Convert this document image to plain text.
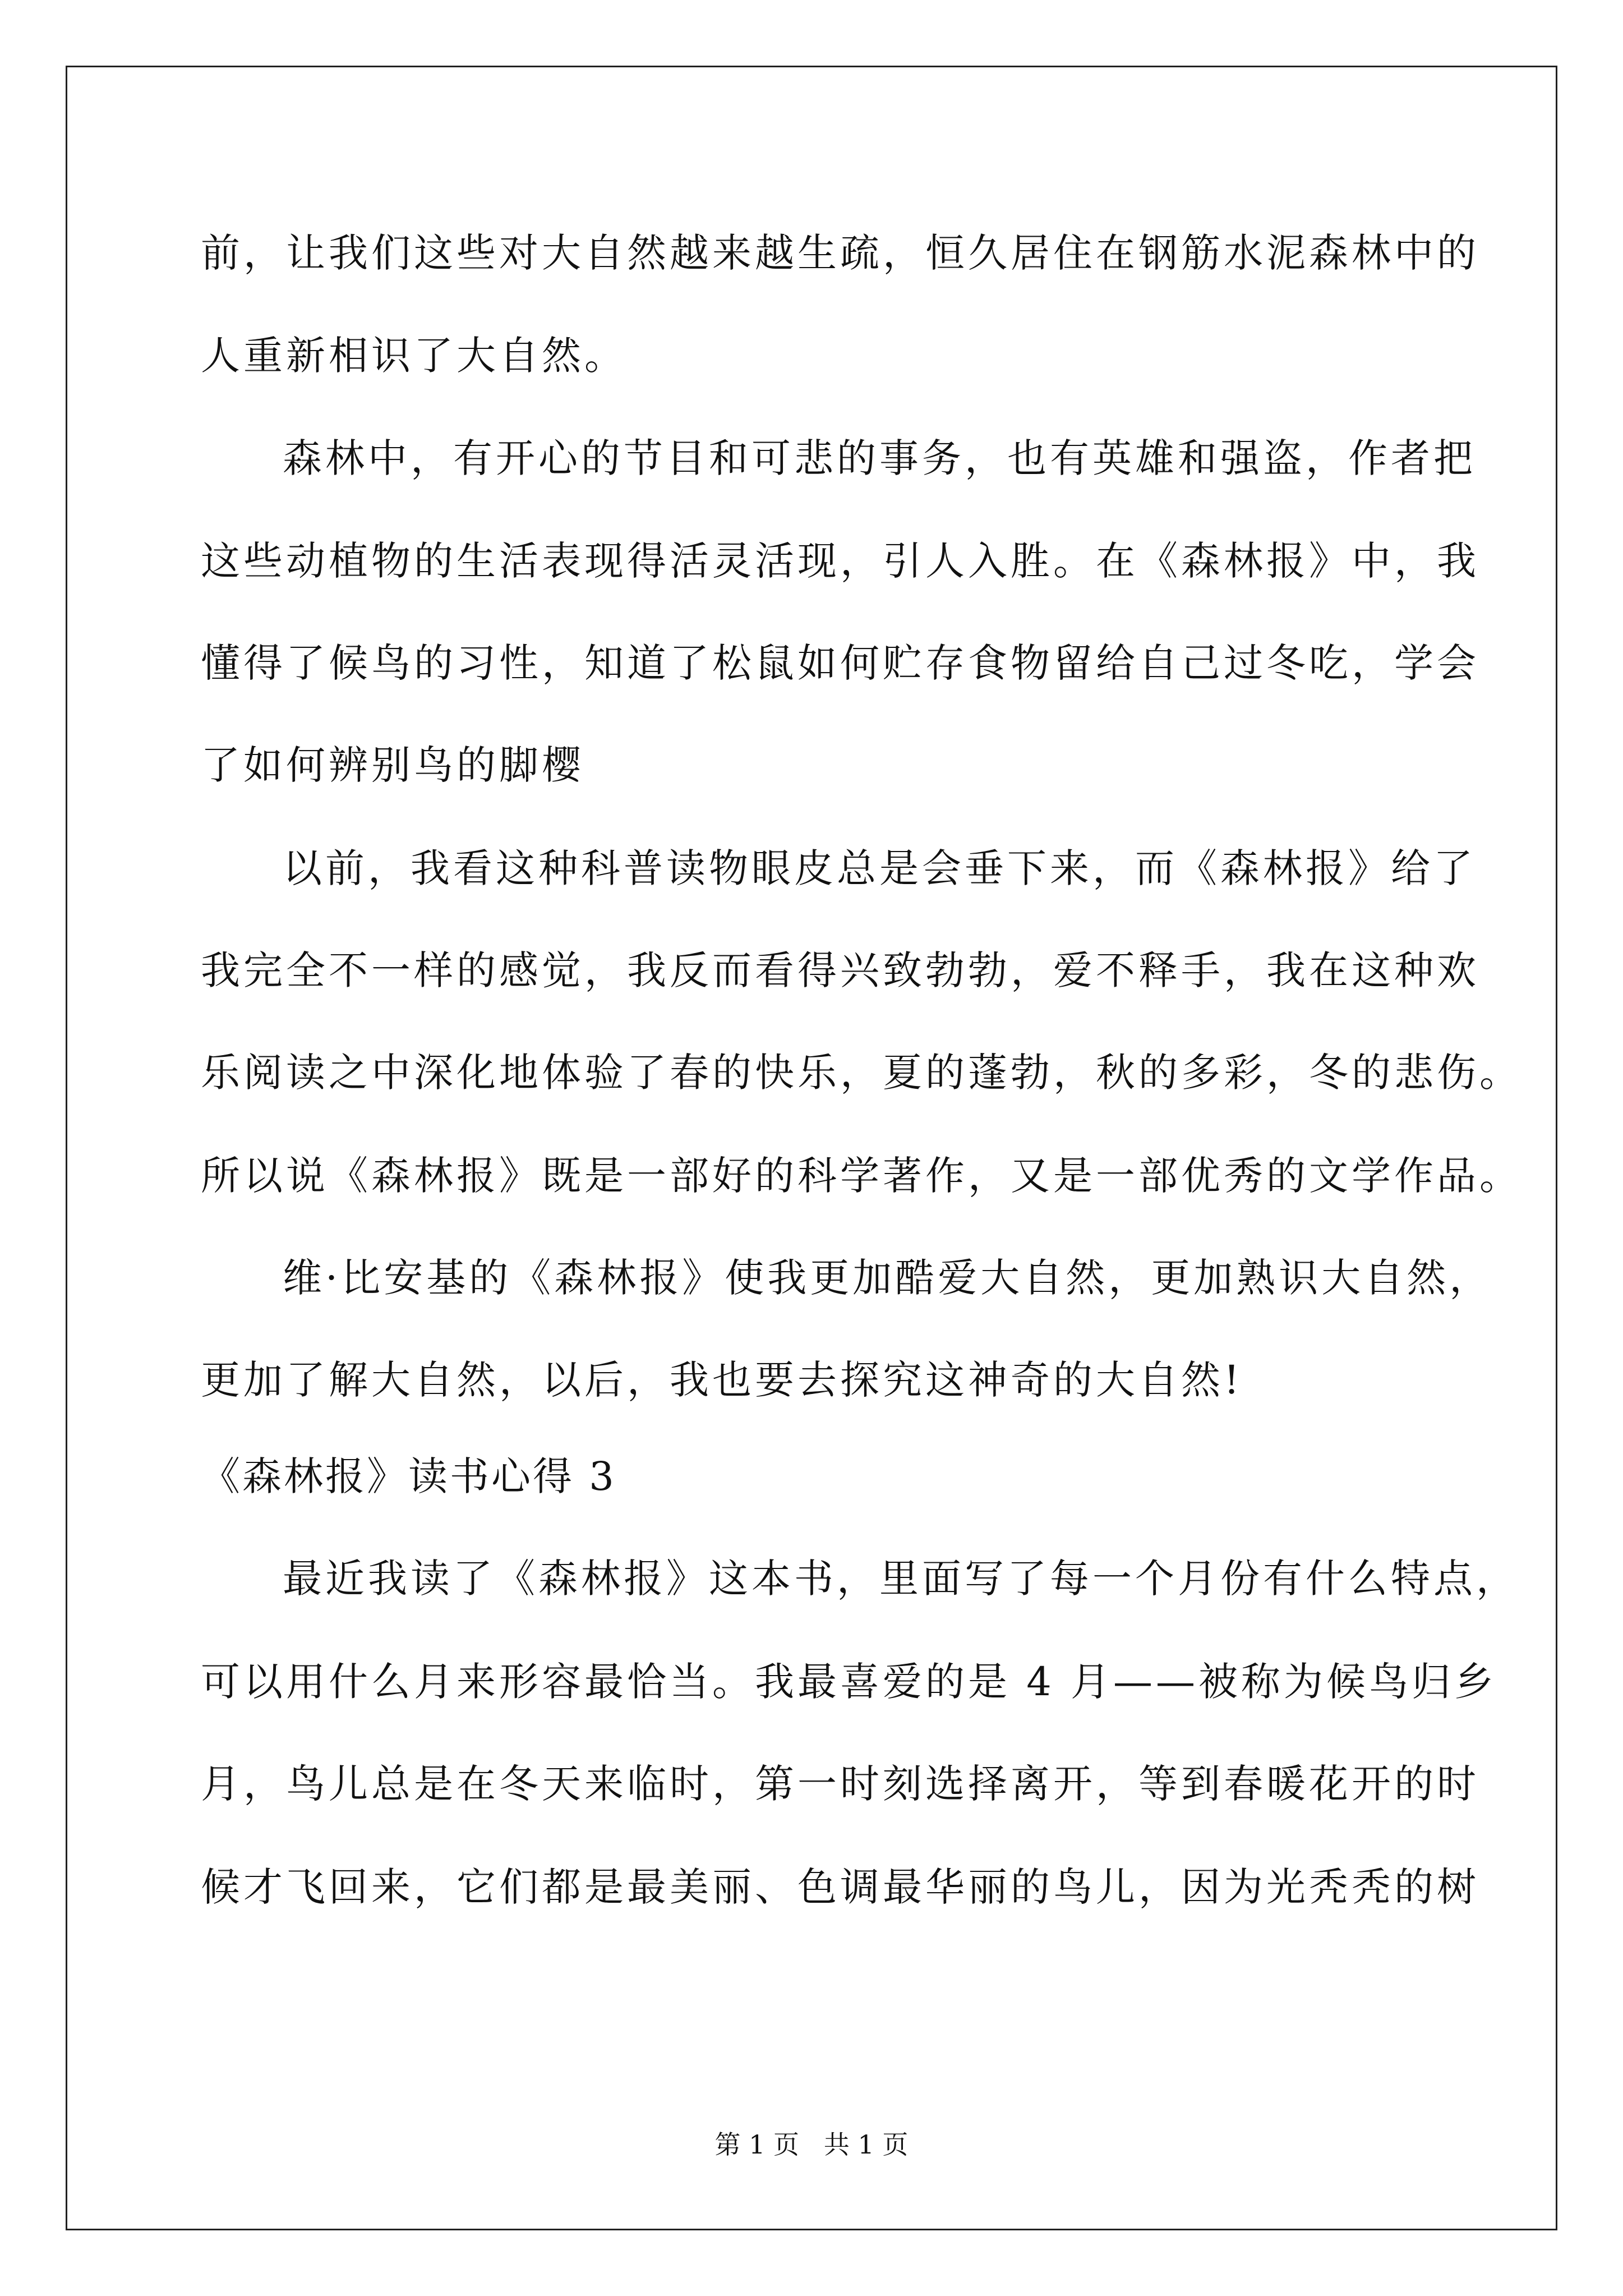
前，让我们这些对大自然越来越生疏，恒久居住在钢筋水泥森林中的
人重新相识了大自然。
森林中，有开心的节目和可悲的事务，也有英雄和强盗，作者把
这些动植物的生活表现得活灵活现，引人入胜。在《森林报》中，我
懂得了候鸟的习性，知道了松鼠如何贮存食物留给自己过冬吃，学会
了如何辨别鸟的脚樱
以前，我看这种科普读物眼皮总是会垂下来，而《森林报》给了
我完全不一样的感觉，我反而看得兴致勃勃，爱不释手，我在这种欢
乐阅读之中深化地体验了春的快乐，夏的蓬勃，秋的多彩，冬的悲伤。
所以说《森林报》既是一部好的科学著作，又是一部优秀的文学作品。
维·比安基的《森林报》使我更加酷爱大自然，更加熟识大自然，
更加了解大自然，以后，我也要去探究这神奇的大自然!
《森林报》读书心得 3
最近我读了《森林报》这本书，里面写了每一个月份有什么特点，
可以用什么月来形容最恰当。我最喜爱的是 4 月——被称为候鸟归乡
月，鸟儿总是在冬天来临时，第一时刻选择离开，等到春暖花开的时
候才飞回来，它们都是最美丽、色调最华丽的鸟儿，因为光秃秃的树
第 1 页   共 1 页
